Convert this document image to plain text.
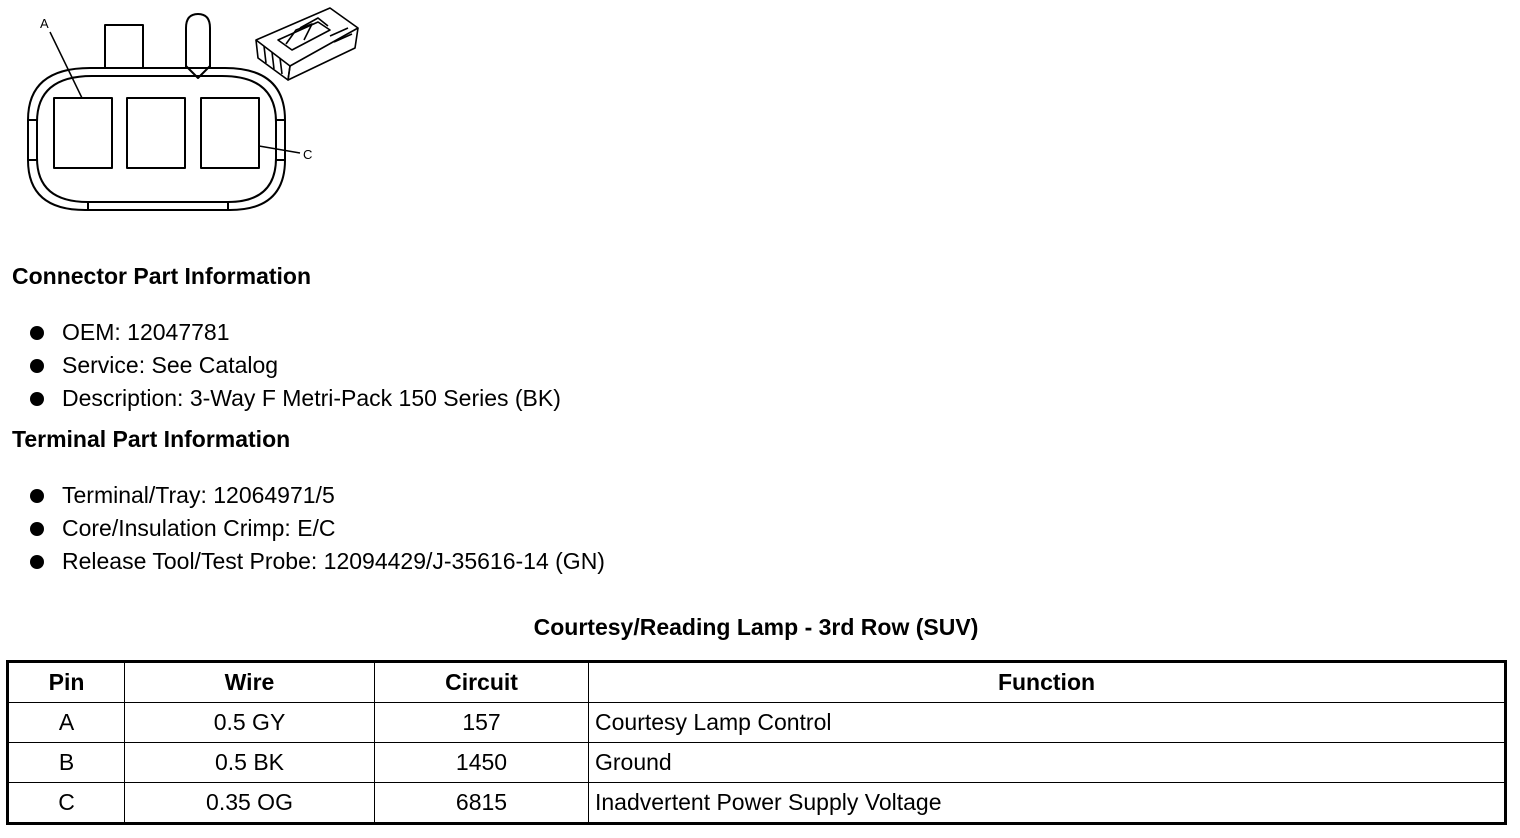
A
C
Connector Part Information
OEM: 12047781
Service: See Catalog
Description: 3-Way F Metri-Pack 150 Series (BK)
Terminal Part Information
Terminal/Tray: 12064971/5
Core/Insulation Crimp: E/C
Release Tool/Test Probe: 12094429/J-35616-14 (GN)
Courtesy/Reading Lamp - 3rd Row (SUV)
Pin	Wire	Circuit	Function
A	0.5 GY	157	Courtesy Lamp Control
B	0.5 BK	1450	Ground
C	0.35 OG	6815	Inadvertent Power Supply Voltage
